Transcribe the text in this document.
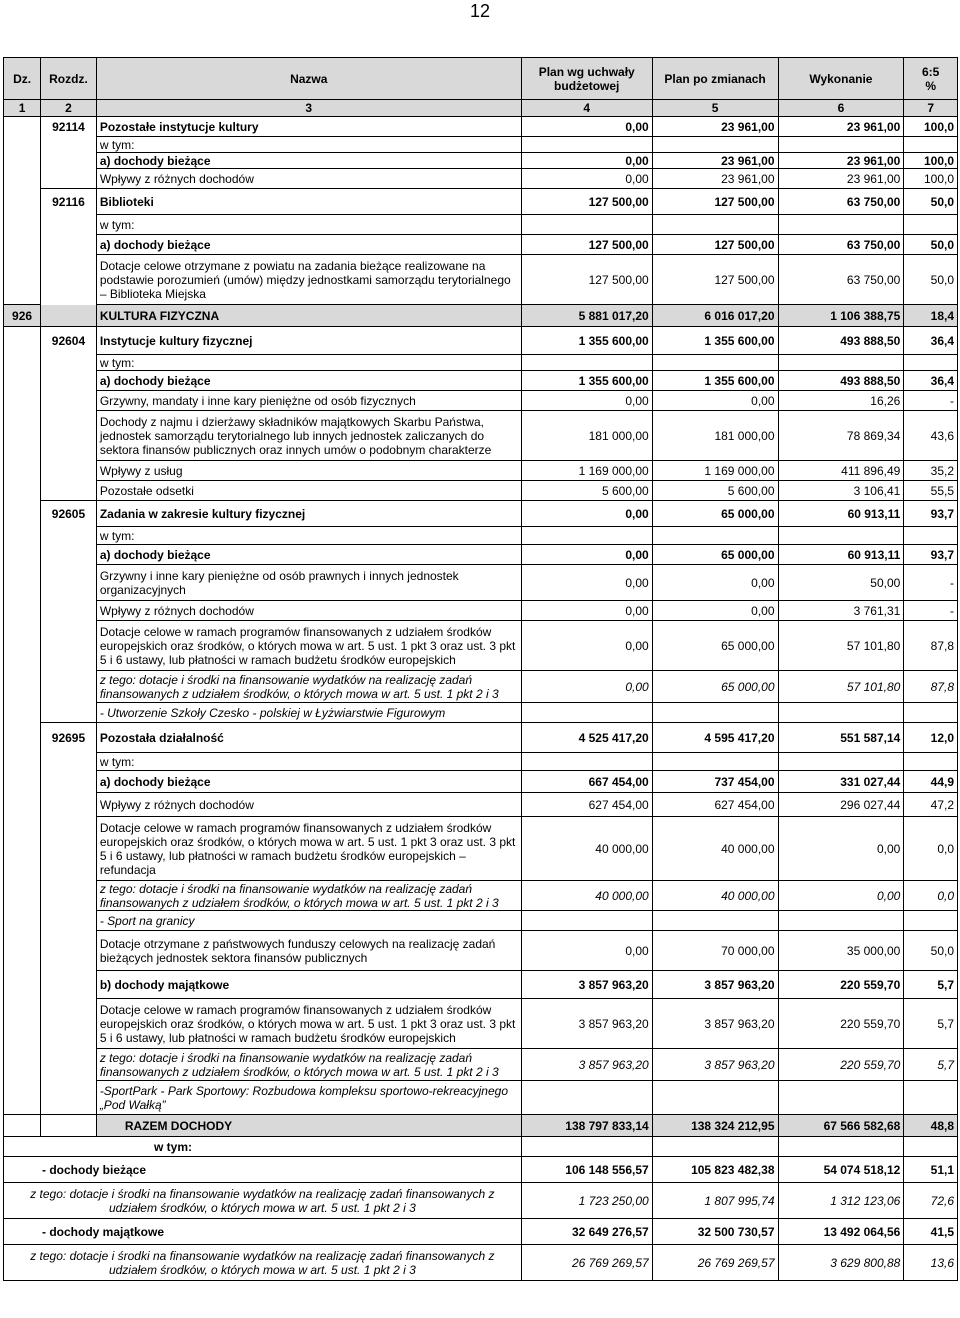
12
Dz.	Rozdz.	Nazwa	Plan wg uchwały budżetowej	Plan po zmianach	Wykonanie	6:5
%

1	2	3	4	5	6	7
	92114	Pozostałe instytucje kultury	0,00	23 961,00	23 961,00	100,0
		w tym:				
		a) dochody bieżące	0,00	23 961,00	23 961,00	100,0
		Wpływy z różnych dochodów	0,00	23 961,00	23 961,00	100,0
	92116	Biblioteki	127 500,00	127 500,00	63 750,00	50,0
		w tym:				
		a) dochody bieżące	127 500,00	127 500,00	63 750,00	50,0
		Dotacje celowe otrzymane z powiatu na zadania bieżące realizowane na podstawie porozumień (umów) między jednostkami samorządu terytorialnego – Biblioteka Miejska	127 500,00	127 500,00	63 750,00	50,0
926		KULTURA FIZYCZNA	5 881 017,20	6 016 017,20	1 106 388,75	18,4
	92604	Instytucje kultury fizycznej	1 355 600,00	1 355 600,00	493 888,50	36,4
		w tym:				
		a) dochody bieżące	1 355 600,00	1 355 600,00	493 888,50	36,4
		Grzywny, mandaty i inne kary pieniężne od osób fizycznych	0,00	0,00	16,26	-
		Dochody z najmu i dzierżawy składników majątkowych Skarbu Państwa, jednostek samorządu terytorialnego lub innych jednostek zaliczanych do sektora finansów publicznych oraz innych umów o podobnym charakterze	181 000,00	181 000,00	78 869,34	43,6
		Wpływy z usług	1 169 000,00	1 169 000,00	411 896,49	35,2
		Pozostałe odsetki	5 600,00	5 600,00	3 106,41	55,5
	92605	Zadania w zakresie kultury fizycznej	0,00	65 000,00	60 913,11	93,7
		w tym:				
		a) dochody bieżące	0,00	65 000,00	60 913,11	93,7
		Grzywny i inne kary pieniężne od osób prawnych i innych jednostek organizacyjnych	0,00	0,00	50,00	-
		Wpływy z różnych dochodów	0,00	0,00	3 761,31	-
		Dotacje celowe w ramach programów finansowanych z udziałem środków europejskich oraz środków, o których mowa w art. 5 ust. 1 pkt 3 oraz ust. 3 pkt 5 i 6 ustawy, lub płatności w ramach budżetu środków europejskich	0,00	65 000,00	57 101,80	87,8
		z tego: dotacje i środki na finansowanie wydatków na realizację zadań finansowanych z udziałem środków, o których mowa w art. 5 ust. 1 pkt 2 i 3	0,00	65 000,00	57 101,80	87,8
		- Utworzenie Szkoły Czesko - polskiej w Łyżwiarstwie Figurowym				
	92695	Pozostała działalność	4 525 417,20	4 595 417,20	551 587,14	12,0
		w tym:				
		a) dochody bieżące	667 454,00	737 454,00	331 027,44	44,9
		Wpływy z różnych dochodów	627 454,00	627 454,00	296 027,44	47,2
		Dotacje celowe w ramach programów finansowanych z udziałem środków europejskich oraz środków, o których mowa w art. 5 ust. 1 pkt 3 oraz ust. 3 pkt 5 i 6 ustawy, lub płatności w ramach budżetu środków europejskich – refundacja	40 000,00	40 000,00	0,00	0,0
		z tego: dotacje i środki na finansowanie wydatków na realizację zadań finansowanych z udziałem środków, o których mowa w art. 5 ust. 1 pkt 2 i 3	40 000,00	40 000,00	0,00	0,0
		- Sport na granicy				
		Dotacje otrzymane z państwowych funduszy celowych na realizację zadań bieżących jednostek sektora finansów publicznych	0,00	70 000,00	35 000,00	50,0
		b) dochody majątkowe	3 857 963,20	3 857 963,20	220 559,70	5,7
		Dotacje celowe w ramach programów finansowanych z udziałem środków europejskich oraz środków, o których mowa w art. 5 ust. 1 pkt 3 oraz ust. 3 pkt 5 i 6 ustawy, lub płatności w ramach budżetu środków europejskich	3 857 963,20	3 857 963,20	220 559,70	5,7
		z tego: dotacje i środki na finansowanie wydatków na realizację zadań finansowanych z udziałem środków, o których mowa w art. 5 ust. 1 pkt 2 i 3	3 857 963,20	3 857 963,20	220 559,70	5,7
		-SportPark - Park Sportowy: Rozbudowa kompleksu sportowo-rekreacyjnego „Pod Wałką”				
		RAZEM DOCHODY	138 797 833,14	138 324 212,95	67 566 582,68	48,8
w tym:						
- dochody bieżące			106 148 556,57	105 823 482,38	54 074 518,12	51,1
z tego: dotacje i środki na finansowanie wydatków na realizację zadań finansowanych z udziałem środków, o których mowa w art. 5 ust. 1 pkt 2 i 3			1 723 250,00	1 807 995,74	1 312 123,06	72,6
- dochody majątkowe			32 649 276,57	32 500 730,57	13 492 064,56	41,5
z tego: dotacje i środki na finansowanie wydatków na realizację zadań finansowanych z udziałem środków, o których mowa w art. 5 ust. 1 pkt 2 i 3			26 769 269,57	26 769 269,57	3 629 800,88	13,6
